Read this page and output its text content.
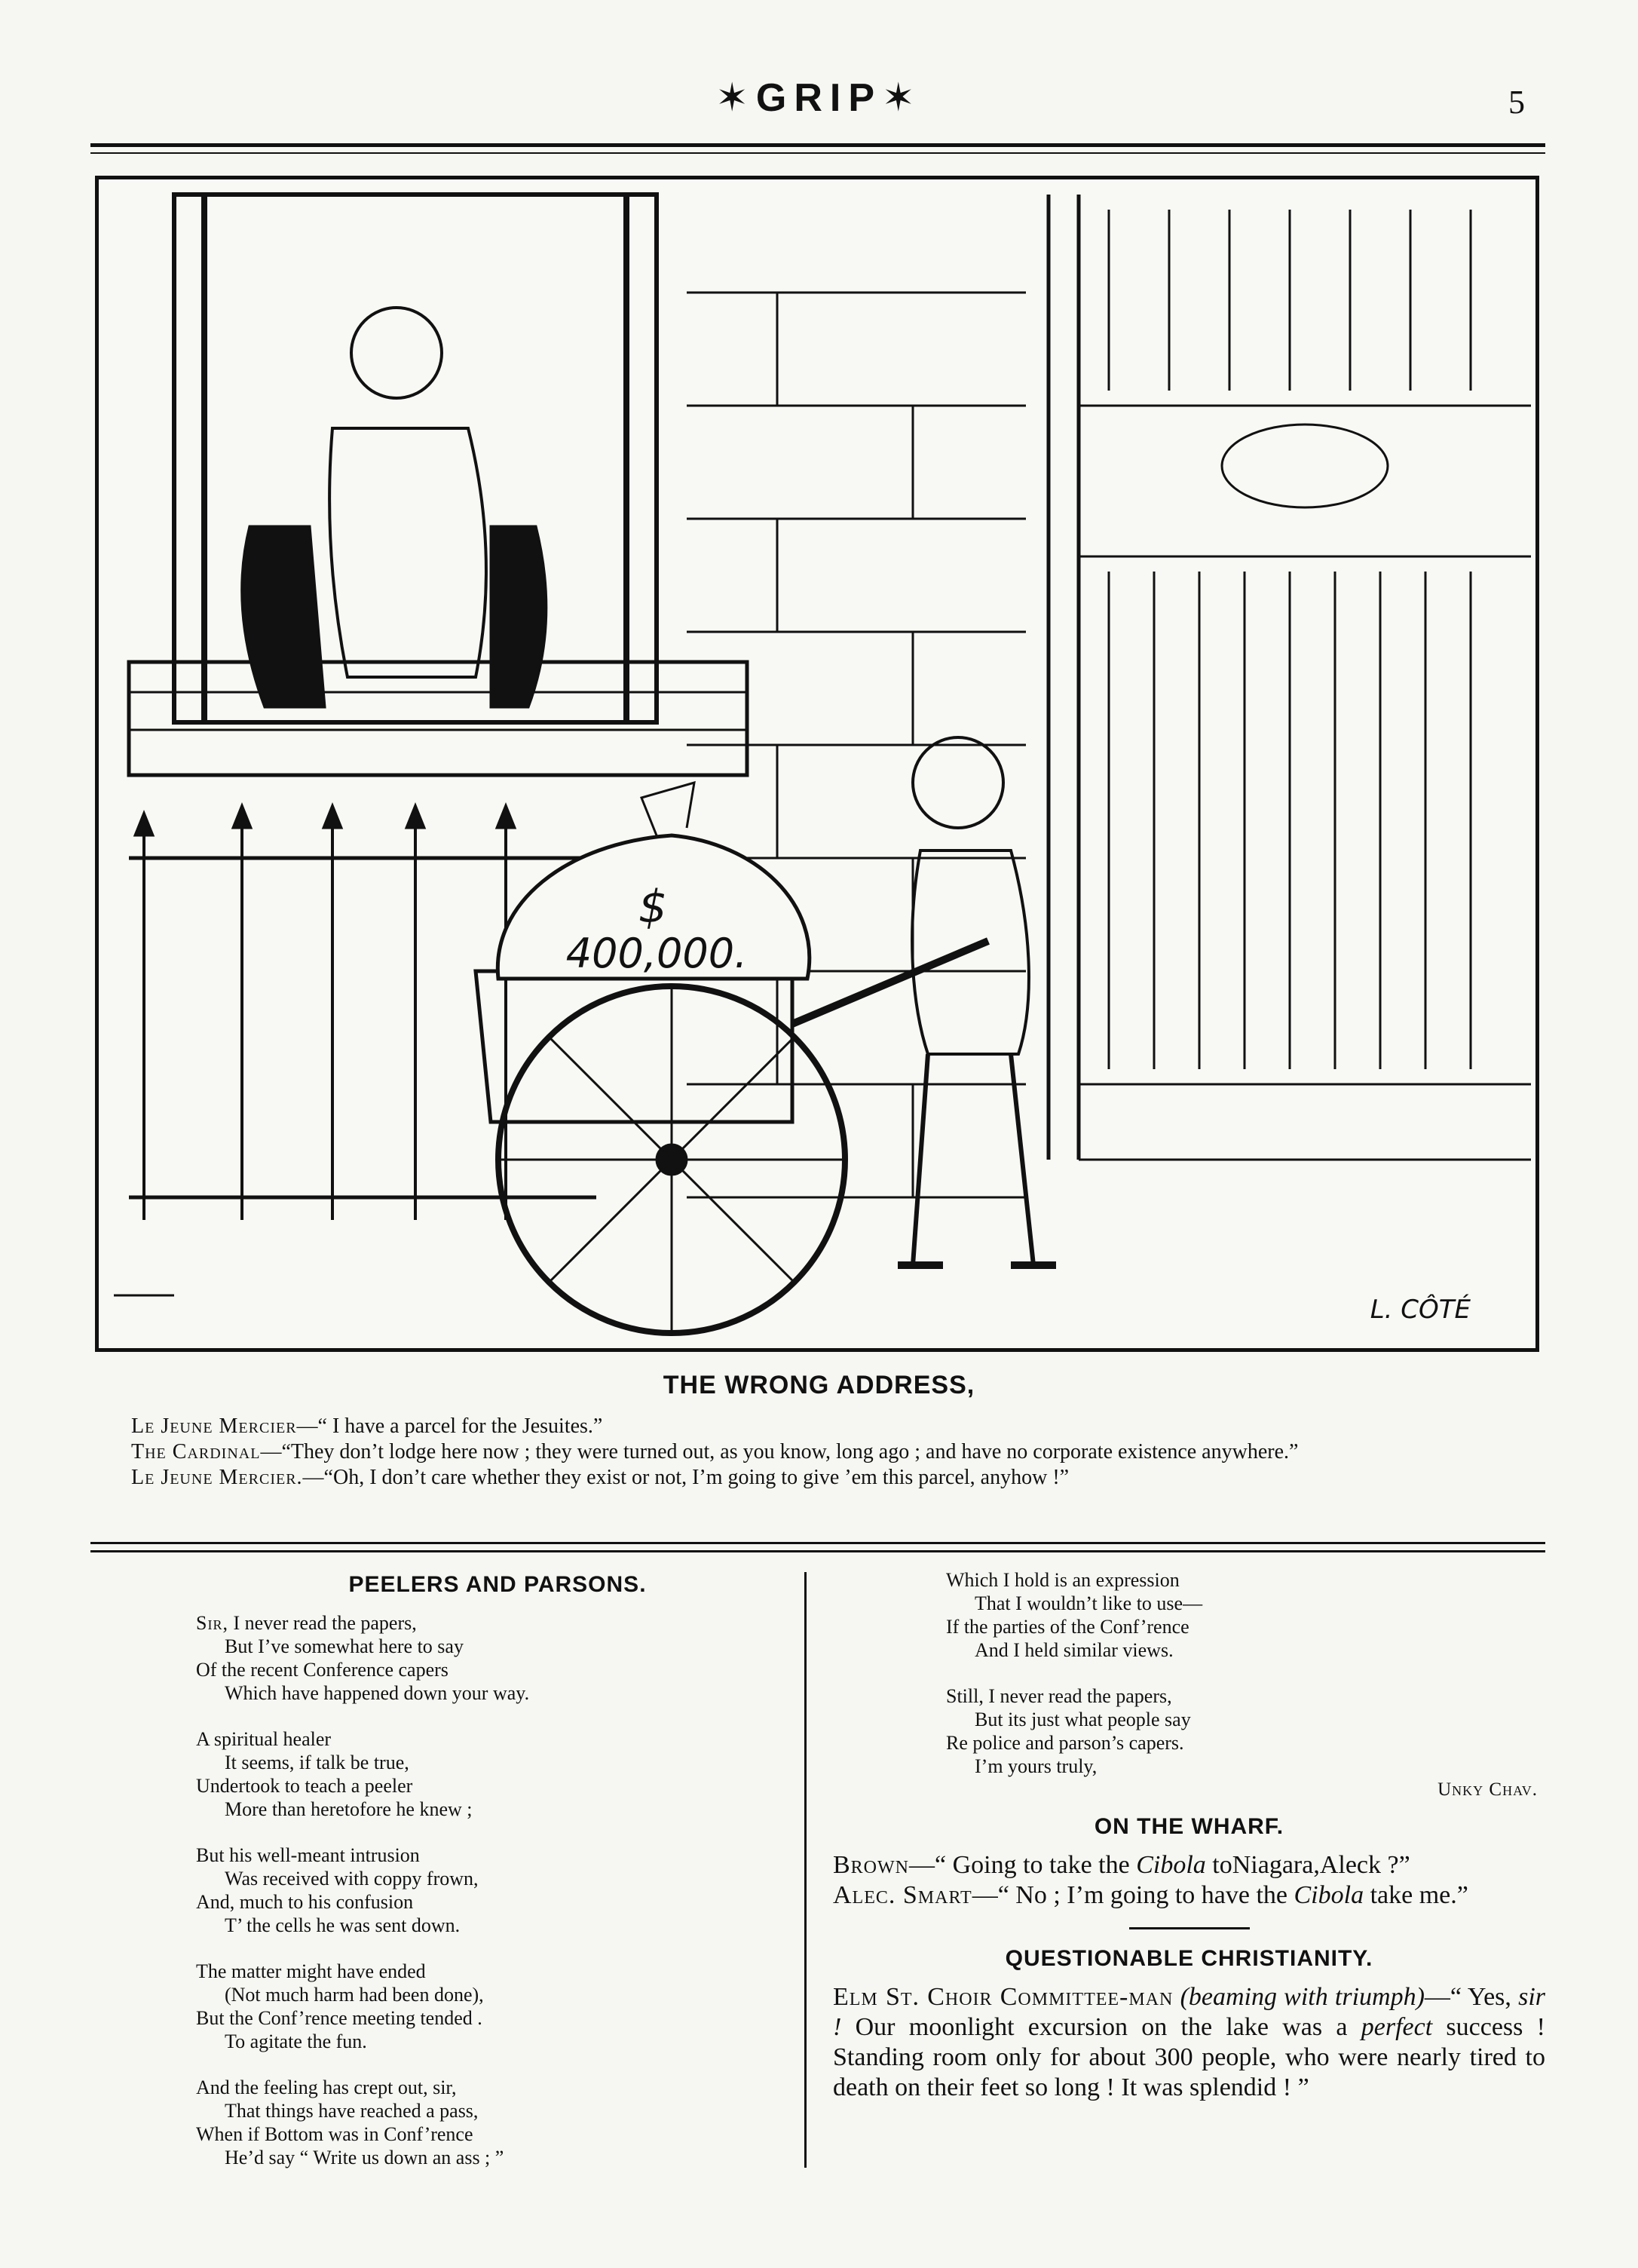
✶GRIP✶	5
$
400,000.
L. CÔTÉ
THE WRONG ADDRESS,

Le Jeune Mercier—“ I have a parcel for the Jesuites.”

The Cardinal—“They don’t lodge here now ; they were turned out, as you know, long ago ; and have no corporate existence anywhere.”

Le Jeune Mercier.—“Oh, I don’t care whether they exist or not, I’m going to give ’em this parcel, anyhow !”

PEELERS AND PARSONS.
Sir, I never read the papers,
But I’ve somewhat here to say
Of the recent Conference capers
Which have happened down your way.
A spiritual healer
It seems, if talk be true,
Undertook to teach a peeler
More than heretofore he knew ;
But his well-meant intrusion
Was received with coppy frown,
And, much to his confusion
T’ the cells he was sent down.
The matter might have ended
(Not much harm had been done),
But the Conf’rence meeting tended .
To agitate the fun.
And the feeling has crept out, sir,
That things have reached a pass,
When if Bottom was in Conf’rence
He’d say “ Write us down an ass ; ”
Which I hold is an expression
That I wouldn’t like to use—
If the parties of the Conf’rence
And I held similar views.
Still, I never read the papers,
But its just what people say
Re police and parson’s capers.
I’m yours truly,
Unky Chav.
ON THE WHARF.

Brown—“ Going to take the Cibola toNiagara,Aleck ?”

Alec. Smart—“ No ; I’m going to have the Cibola take me.”

QUESTIONABLE CHRISTIANITY.

Elm St. Choir Committee-man (beaming with triumph)—“ Yes, sir ! Our moonlight excursion on the lake was a perfect success ! Standing room only for about 300 people, who were nearly tired to death on their feet so long ! It was splendid ! ”
